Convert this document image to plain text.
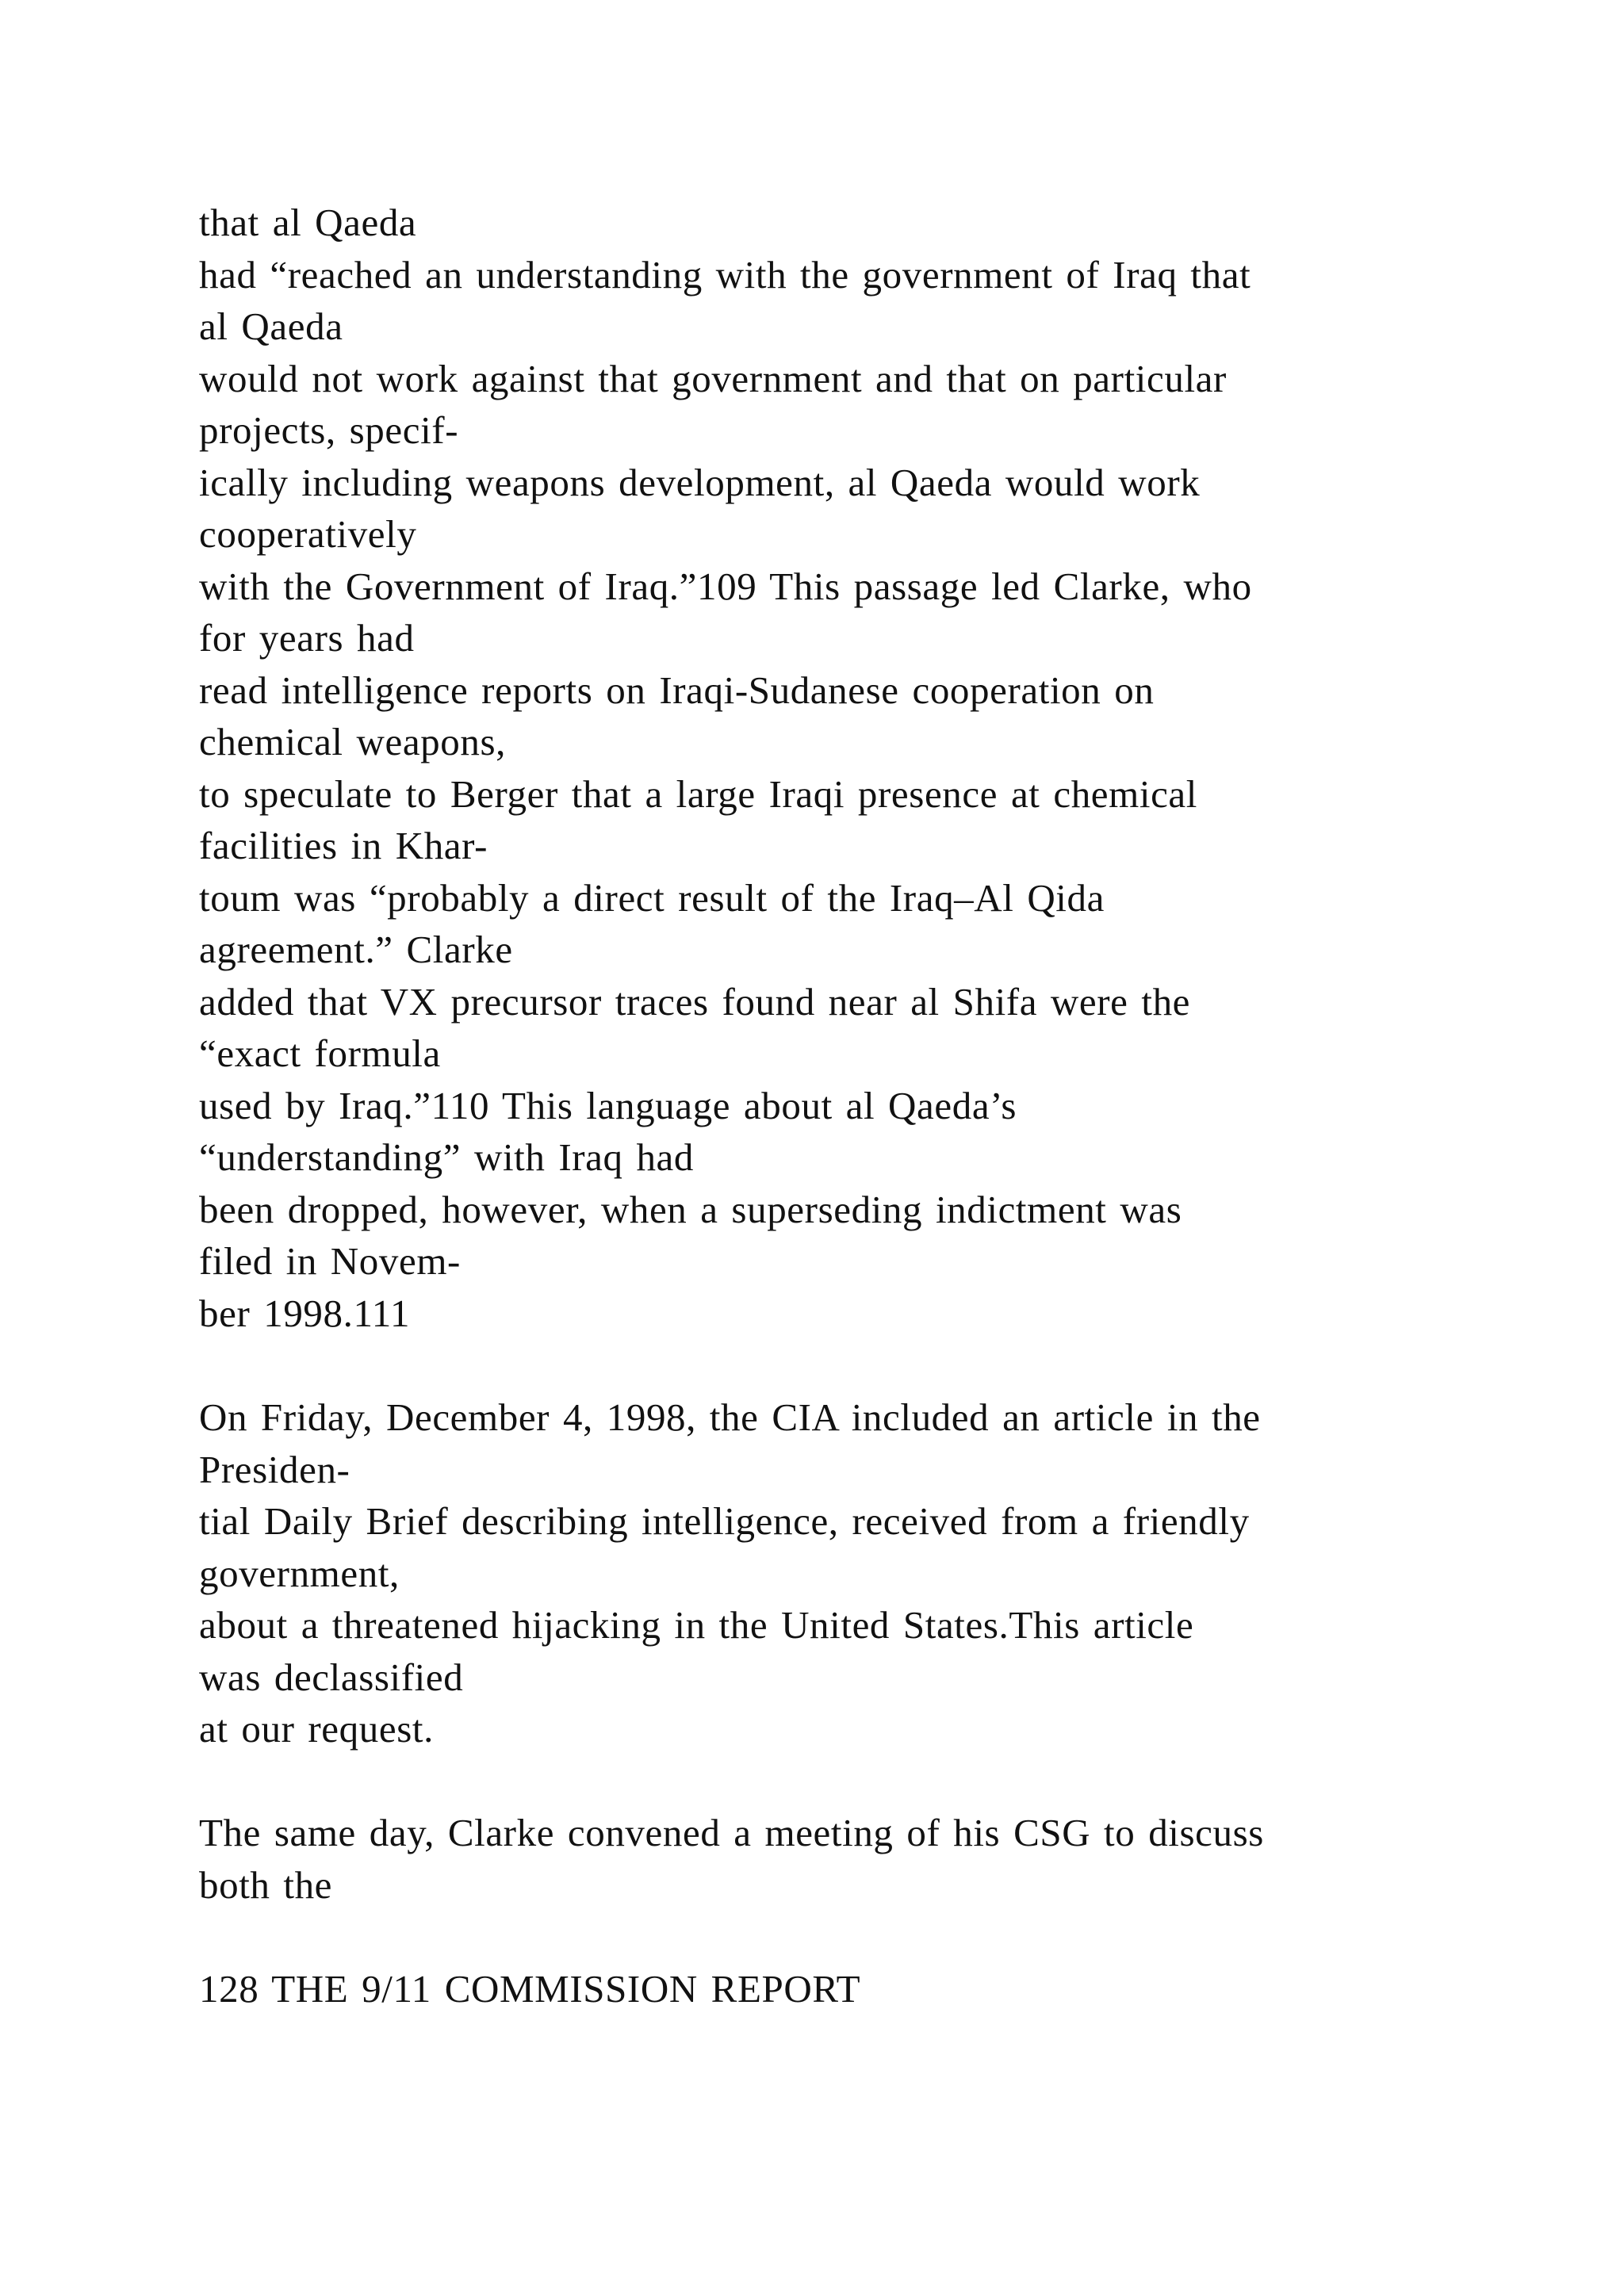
that al Qaeda
had “reached an understanding with the government of Iraq that
al Qaeda
would not work against that government and that on particular
projects, specif-
ically including weapons development, al Qaeda would work
cooperatively
with the Government of Iraq.”109 This passage led Clarke, who
for years had
read intelligence reports on Iraqi-Sudanese cooperation on
chemical weapons,
to speculate to Berger that a large Iraqi presence at chemical
facilities in Khar-
toum was “probably a direct result of the Iraq–Al Qida
agreement.” Clarke
added that VX precursor traces found near al Shifa were the
“exact formula
used by Iraq.”110 This language about al Qaeda’s
“understanding” with Iraq had
been dropped, however, when a superseding indictment was
filed in Novem-
ber 1998.111
On Friday, December 4, 1998, the CIA included an article in the
Presiden-
tial Daily Brief describing intelligence, received from a friendly
government,
about a threatened hijacking in the United States.This article
was declassified
at our request.
The same day, Clarke convened a meeting of his CSG to discuss
both the
128 THE 9/11 COMMISSION REPORT
